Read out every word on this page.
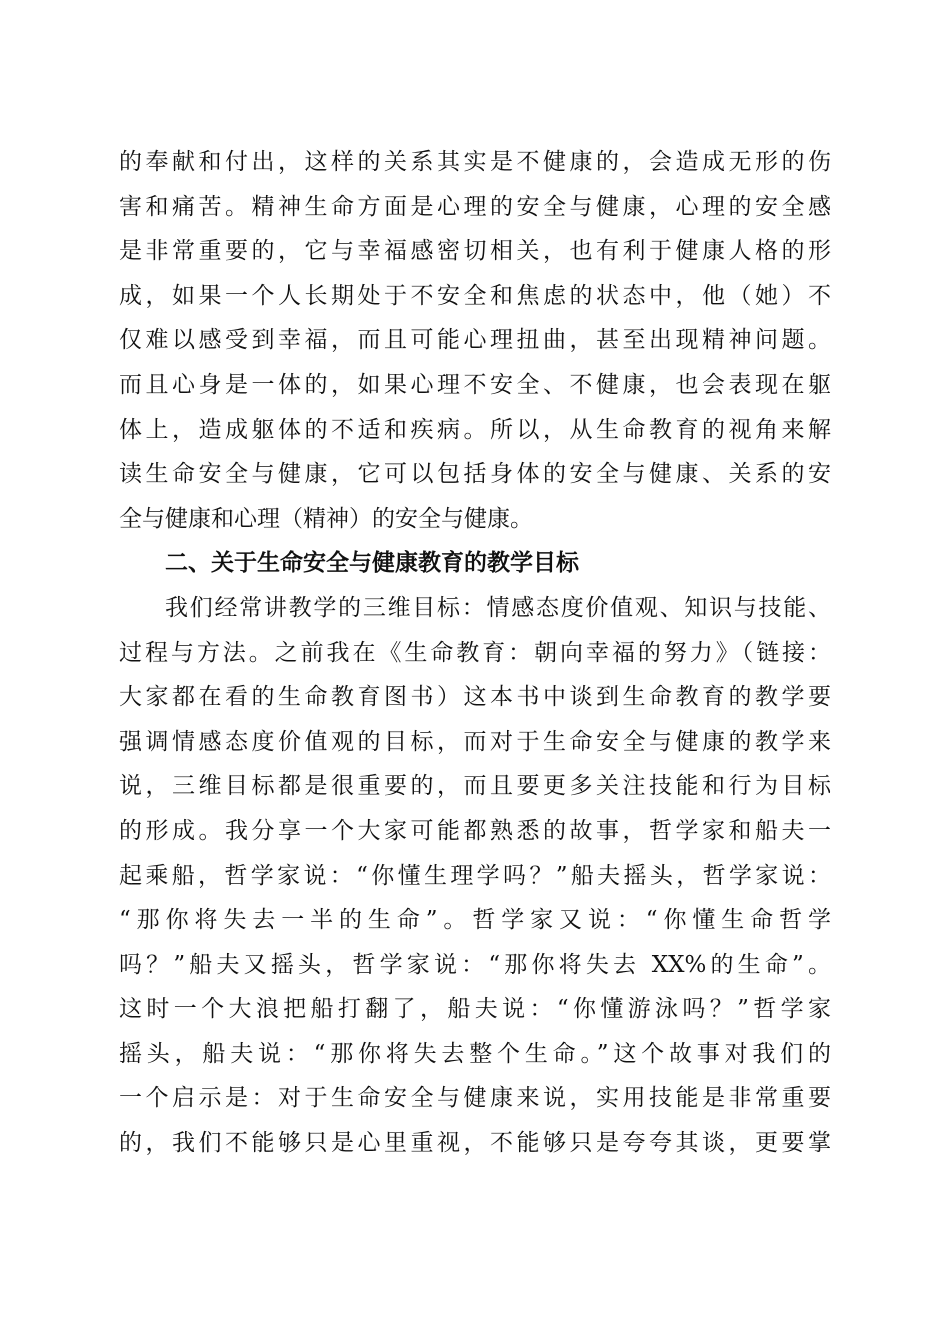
的奉献和付出，这样的关系其实是不健康的，会造成无形的伤
害和痛苦。精神生命方面是心理的安全与健康，心理的安全感
是非常重要的，它与幸福感密切相关，也有利于健康人格的形
成，如果一个人长期处于不安全和焦虑的状态中，他（她）不
仅难以感受到幸福，而且可能心理扭曲，甚至出现精神问题。
而且心身是一体的，如果心理不安全、不健康，也会表现在躯
体上，造成躯体的不适和疾病。所以，从生命教育的视角来解
读生命安全与健康，它可以包括身体的安全与健康、关系的安
全与健康和心理（精神）的安全与健康。
二、关于生命安全与健康教育的教学目标
我们经常讲教学的三维目标：情感态度价值观、知识与技能、
过程与方法。之前我在《生命教育：朝向幸福的努力》（链接：
大家都在看的生命教育图书）这本书中谈到生命教育的教学要
强调情感态度价值观的目标，而对于生命安全与健康的教学来
说，三维目标都是很重要的，而且要更多关注技能和行为目标
的形成。我分享一个大家可能都熟悉的故事，哲学家和船夫一
起乘船，哲学家说：“你懂生理学吗？”船夫摇头，哲学家说：
“那你将失去一半的生命”。哲学家又说：“你懂生命哲学
吗？”船夫又摇头，哲学家说：“那你将失去 XX%的生命”。
这时一个大浪把船打翻了，船夫说：“你懂游泳吗？”哲学家
摇头，船夫说：“那你将失去整个生命。”这个故事对我们的
一个启示是：对于生命安全与健康来说，实用技能是非常重要
的，我们不能够只是心里重视，不能够只是夸夸其谈，更要掌
